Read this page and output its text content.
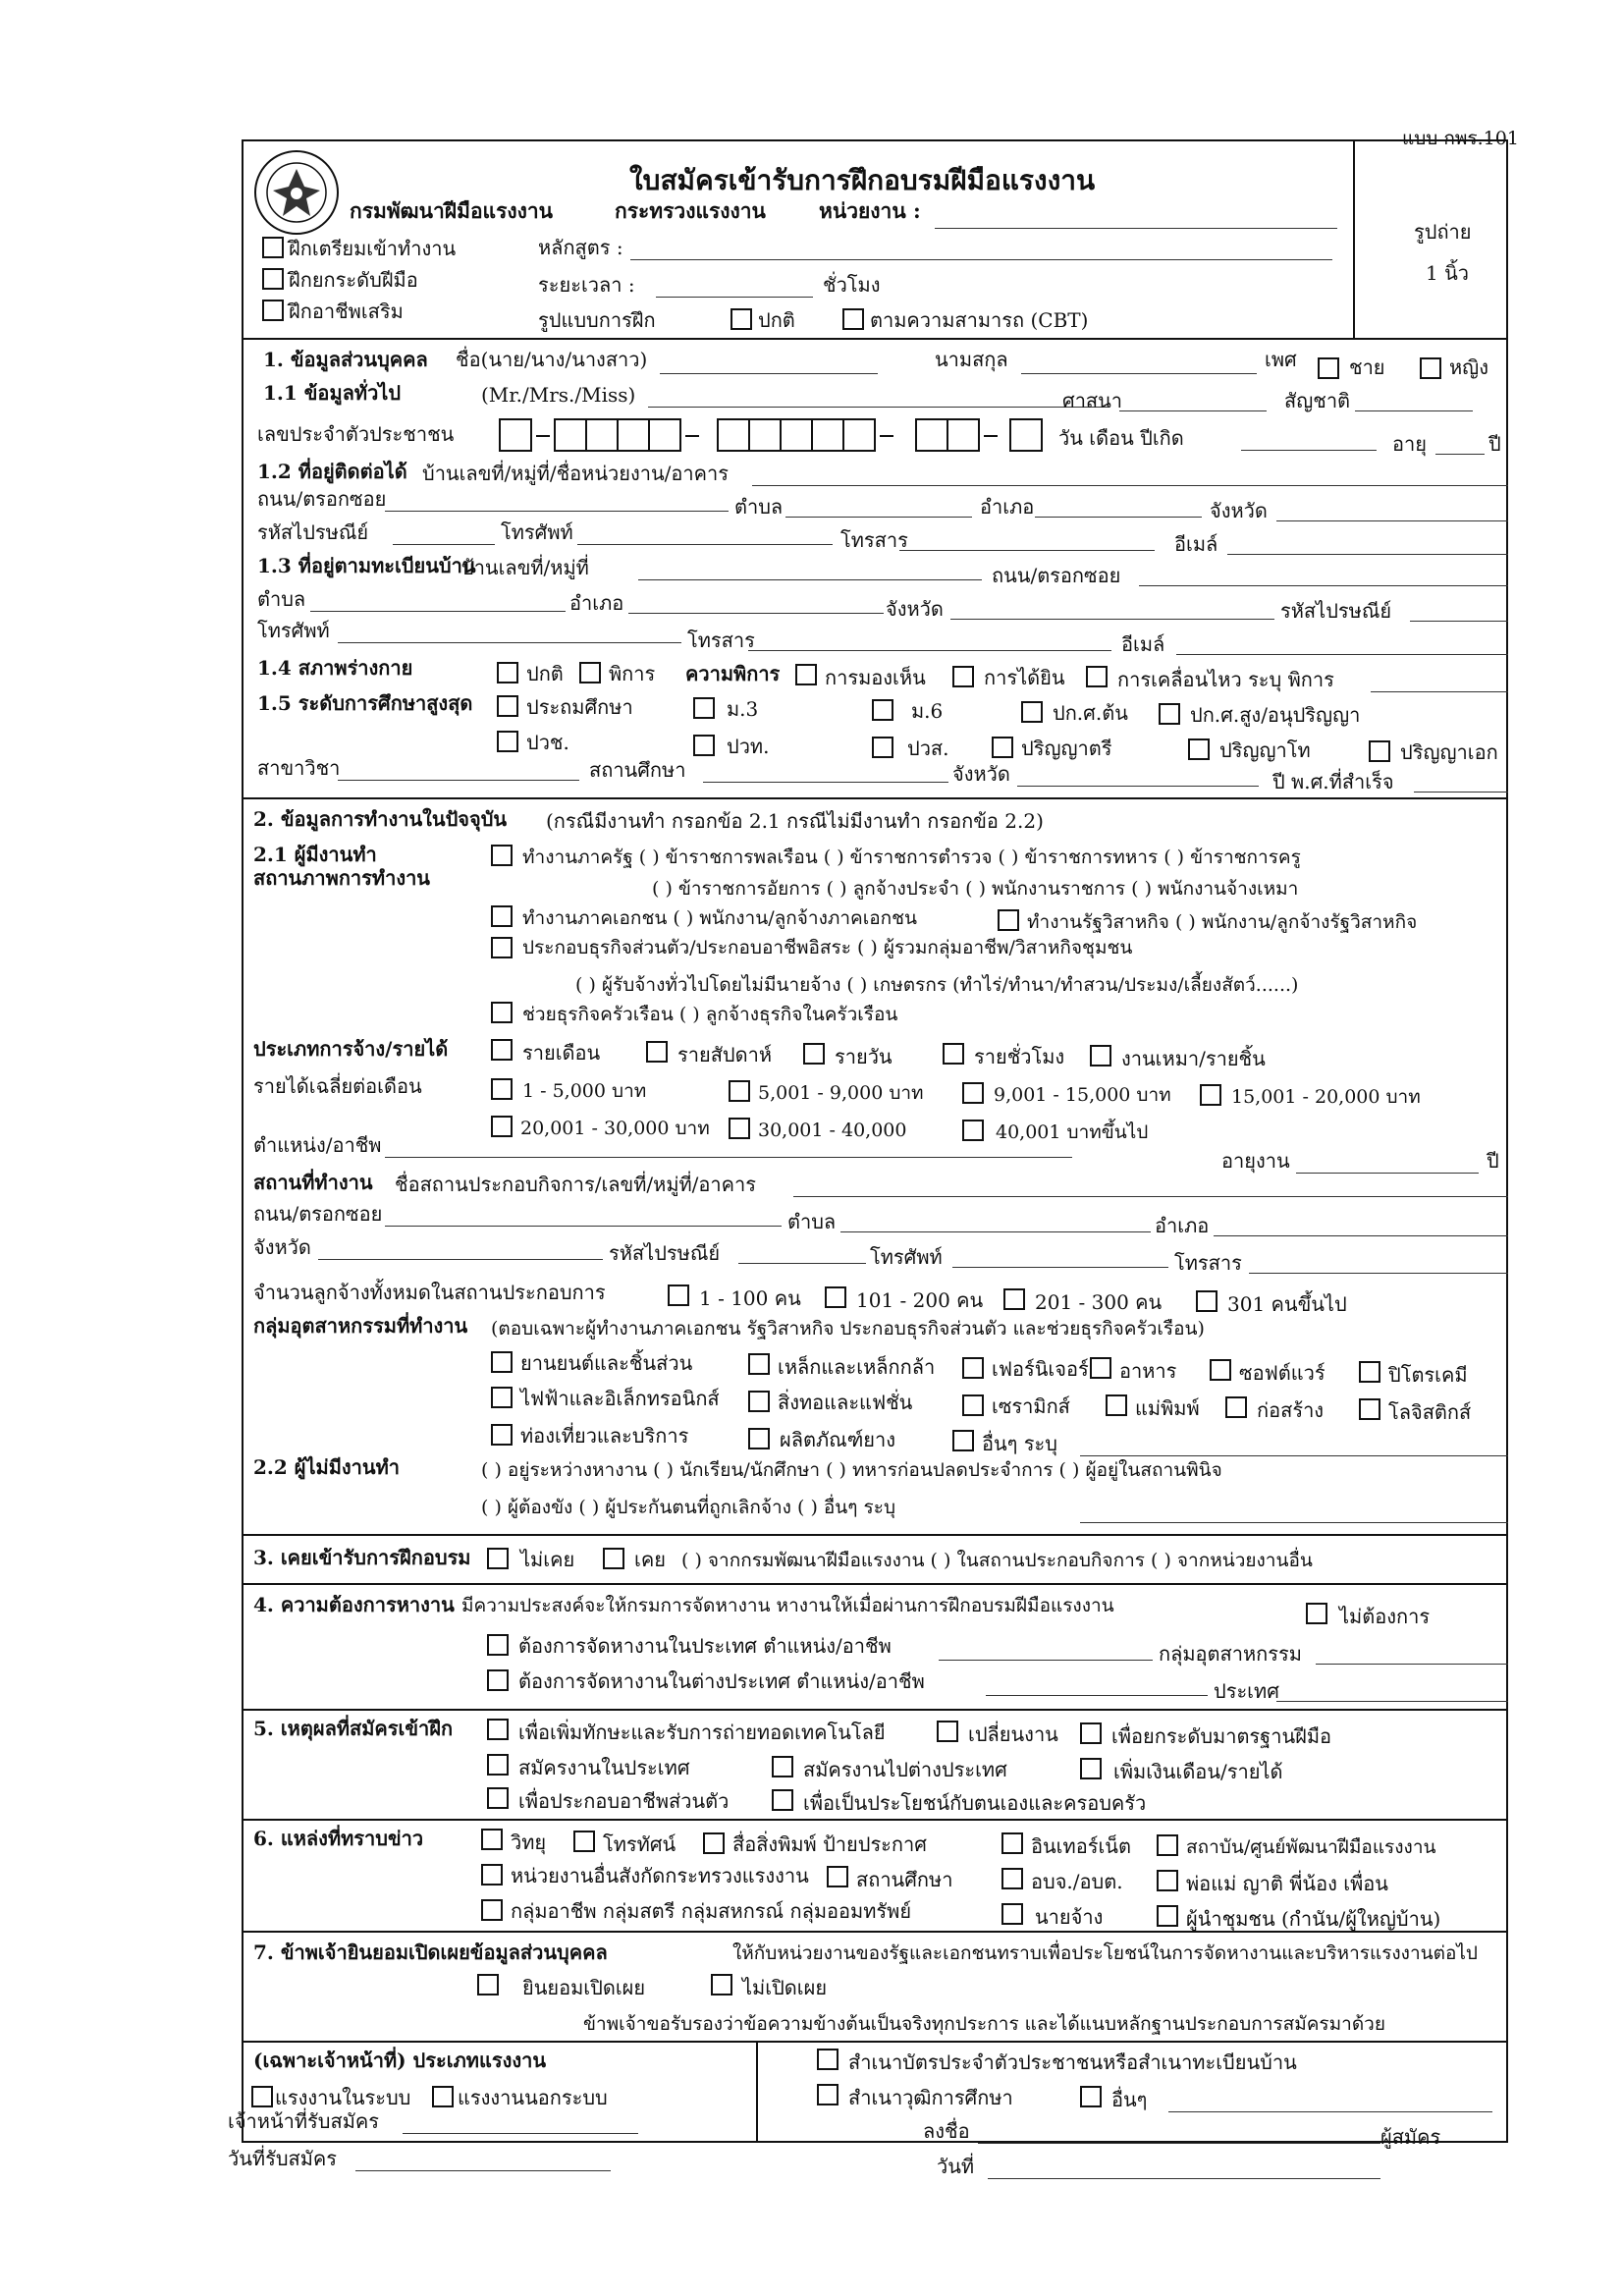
แบบ กพร.101
ใบสมัครเข้ารับการฝึกอบรมฝีมือแรงงาน
กรมพัฒนาฝีมือแรงงาน	กระทรวงแรงงาน	หน่วยงาน :
รูปถ่าย
1 นิ้ว
ฝึกเตรียมเข้าทำงาน
ฝึกยกระดับฝีมือ
ฝึกอาชีพเสริม
หลักสูตร :
ระยะเวลา :	ชั่วโมง
รูปแบบการฝึก	ปกติ	ตามความสามารถ (CBT)
1. ข้อมูลส่วนบุคคล ชื่อ(นาย/นาง/นางสาว)	นามสกุล	เพศ	ชาย	หญิง
1.1 ข้อมูลทั่วไป	(Mr./Mrs./Miss)	ศาสนา	สัญชาติ
เลขประจำตัวประชาชน	วัน เดือน ปีเกิด	อายุ	ปี
1.2 ที่อยู่ติดต่อได้ บ้านเลขที่/หมู่ที่/ชื่อหน่วยงาน/อาคาร
ถนน/ตรอกซอย	ตำบล	อำเภอ	จังหวัด
รหัสไปรษณีย์	โทรศัพท์	โทรสาร	อีเมล์
1.3 ที่อยู่ตามทะเบียนบ้าน
บ้านเลขที่/หมู่ที่	ถนน/ตรอกซอย
ตำบล	อำเภอ	จังหวัด	รหัสไปรษณีย์
โทรศัพท์	โทรสาร	อีเมล์
1.4 สภาพร่างกาย	ปกติ พิการ ความพิการ การมองเห็น	การได้ยิน	การเคลื่อนไหว ระบุ พิการ
1.5 ระดับการศึกษาสูงสุด	ประถมศึกษา	ม.3	ม.6	ปก.ศ.ต้น	ปก.ศ.สูง/อนุปริญญา
ปวช.	ปวท.	ปวส.	ปริญญาตรี	ปริญญาโท	ปริญญาเอก
สาขาวิชา	สถานศึกษา	จังหวัด	ปี พ.ศ.ที่สำเร็จ
2. ข้อมูลการทำงานในปัจจุบัน (กรณีมีงานทำ กรอกข้อ 2.1 กรณีไม่มีงานทำ กรอกข้อ 2.2)
2.1 ผู้มีงานทำ
สถานภาพการทำงาน
ทำงานภาครัฐ ( ) ข้าราชการพลเรือน ( ) ข้าราชการตำรวจ ( ) ข้าราชการทหาร ( ) ข้าราชการครู
( ) ข้าราชการอัยการ ( ) ลูกจ้างประจำ ( ) พนักงานราชการ ( ) พนักงานจ้างเหมา
ทำงานภาคเอกชน ( ) พนักงาน/ลูกจ้างภาคเอกชน	ทำงานรัฐวิสาหกิจ ( ) พนักงาน/ลูกจ้างรัฐวิสาหกิจ
ประกอบธุรกิจส่วนตัว/ประกอบอาชีพอิสระ ( ) ผู้รวมกลุ่มอาชีพ/วิสาหกิจชุมชน
( ) ผู้รับจ้างทั่วไปโดยไม่มีนายจ้าง ( ) เกษตรกร (ทำไร่/ทำนา/ทำสวน/ประมง/เลี้ยงสัตว์......)
ช่วยธุรกิจครัวเรือน ( ) ลูกจ้างธุรกิจในครัวเรือน
ประเภทการจ้าง/รายได้	รายเดือน	รายสัปดาห์	รายวัน	รายชั่วโมง	งานเหมา/รายชิ้น
รายได้เฉลี่ยต่อเดือน	1 - 5,000 บาท	5,001 - 9,000 บาท	9,001 - 15,000 บาท	15,001 - 20,000 บาท
20,001 - 30,000 บาท	30,001 - 40,000	40,001 บาทขึ้นไป
ตำแหน่ง/อาชีพ
อายุงาน	ปี
สถานที่ทำงาน ชื่อสถานประกอบกิจการ/เลขที่/หมู่ที่/อาคาร
ถนน/ตรอกซอย	ตำบล	อำเภอ
จังหวัด	รหัสไปรษณีย์	โทรศัพท์	โทรสาร
จำนวนลูกจ้างทั้งหมดในสถานประกอบการ	1 - 100 คน	101 - 200 คน	201 - 300 คน	301 คนขึ้นไป
กลุ่มอุตสาหกรรมที่ทำงาน (ตอบเฉพาะผู้ทำงานภาคเอกชน รัฐวิสาหกิจ ประกอบธุรกิจส่วนตัว และช่วยธุรกิจครัวเรือน)
ยานยนต์และชิ้นส่วน	เหล็กและเหล็กกล้า	เฟอร์นิเจอร์ อาหาร	ซอฟต์แวร์	ปิโตรเคมี
ไฟฟ้าและอิเล็กทรอนิกส์	สิ่งทอและแฟชั่น	เซรามิกส์	แม่พิมพ์	ก่อสร้าง	โลจิสติกส์
ท่องเที่ยวและบริการ	ผลิตภัณฑ์ยาง	อื่นๆ ระบุ
2.2 ผู้ไม่มีงานทำ	( ) อยู่ระหว่างหางาน ( ) นักเรียน/นักศึกษา ( ) ทหารก่อนปลดประจำการ ( ) ผู้อยู่ในสถานพินิจ
( ) ผู้ต้องขัง ( ) ผู้ประกันตนที่ถูกเลิกจ้าง ( ) อื่นๆ ระบุ
3. เคยเข้ารับการฝึกอบรม	ไม่เคย	เคย ( ) จากกรมพัฒนาฝีมือแรงงาน ( ) ในสถานประกอบกิจการ ( ) จากหน่วยงานอื่น
4. ความต้องการหางาน มีความประสงค์จะให้กรมการจัดหางาน หางานให้เมื่อผ่านการฝึกอบรมฝีมือแรงงาน	ไม่ต้องการ
ต้องการจัดหางานในประเทศ ตำแหน่ง/อาชีพ	กลุ่มอุตสาหกรรม
ต้องการจัดหางานในต่างประเทศ ตำแหน่ง/อาชีพ	ประเทศ
5. เหตุผลที่สมัครเข้าฝึก	เพื่อเพิ่มทักษะและรับการถ่ายทอดเทคโนโลยี	เปลี่ยนงาน	เพื่อยกระดับมาตรฐานฝีมือ
สมัครงานในประเทศ	สมัครงานไปต่างประเทศ	เพิ่มเงินเดือน/รายได้
เพื่อประกอบอาชีพส่วนตัว	เพื่อเป็นประโยชน์กับตนเองและครอบครัว
6. แหล่งที่ทราบข่าว	วิทยุ	โทรทัศน์	สื่อสิ่งพิมพ์ ป้ายประกาศ	อินเทอร์เน็ต	สถาบัน/ศูนย์พัฒนาฝีมือแรงงาน
หน่วยงานอื่นสังกัดกระทรวงแรงงาน สถานศึกษา	อบจ./อบต.	พ่อแม่ ญาติ พี่น้อง เพื่อน
กลุ่มอาชีพ กลุ่มสตรี กลุ่มสหกรณ์ กลุ่มออมทรัพย์	นายจ้าง	ผู้นำชุมชน (กำนัน/ผู้ใหญ่บ้าน)
7. ข้าพเจ้ายินยอมเปิดเผยข้อมูลส่วนบุคคล	ให้กับหน่วยงานของรัฐและเอกชนทราบเพื่อประโยชน์ในการจัดหางานและบริหารแรงงานต่อไป
ยินยอมเปิดเผย	ไม่เปิดเผย
ข้าพเจ้าขอรับรองว่าข้อความข้างต้นเป็นจริงทุกประการ และได้แนบหลักฐานประกอบการสมัครมาด้วย
(เฉพาะเจ้าหน้าที่) ประเภทแรงงาน
แรงงานในระบบ แรงงานนอกระบบ
เจ้าหน้าที่รับสมัคร
วันที่รับสมัคร
สำเนาบัตรประจำตัวประชาชนหรือสำเนาทะเบียนบ้าน
สำเนาวุฒิการศึกษา	อื่นๆ
ลงชื่อ	ผู้สมัคร
วันที่
